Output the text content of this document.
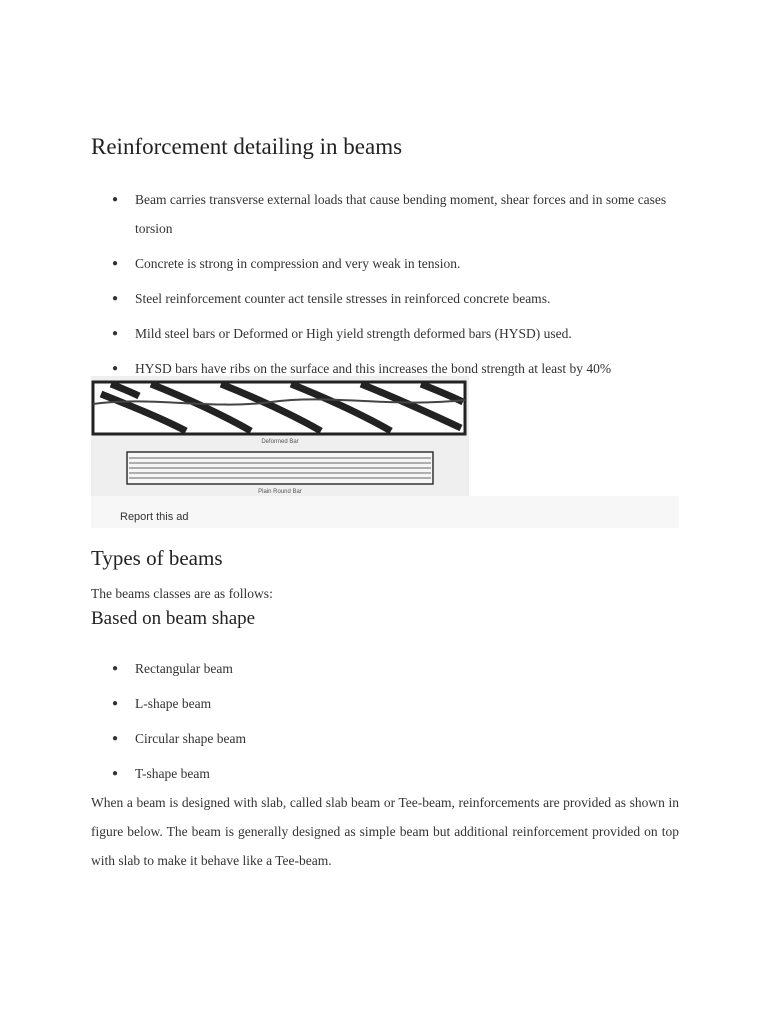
Reinforcement detailing in beams
● Beam carries transverse external loads that cause bending moment, shear forces and in some cases torsion
● Concrete is strong in compression and very weak in tension.
● Steel reinforcement counter act tensile stresses in reinforced concrete beams.
● Mild steel bars or Deformed or High yield strength deformed bars (HYSD) used.
● HYSD bars have ribs on the surface and this increases the bond strength at least by 40%
Deformed Bar
Plain Round Bar
Report this ad
Types of beams

The beams classes are as follows:

Based on beam shape
● Rectangular beam
● L-shape beam
● Circular shape beam
● T-shape beam

When a beam is designed with slab, called slab beam or Tee-beam, reinforcements are provided as shown in figure below. The beam is generally designed as simple beam but additional reinforcement provided on top with slab to make it behave like a Tee-beam.
